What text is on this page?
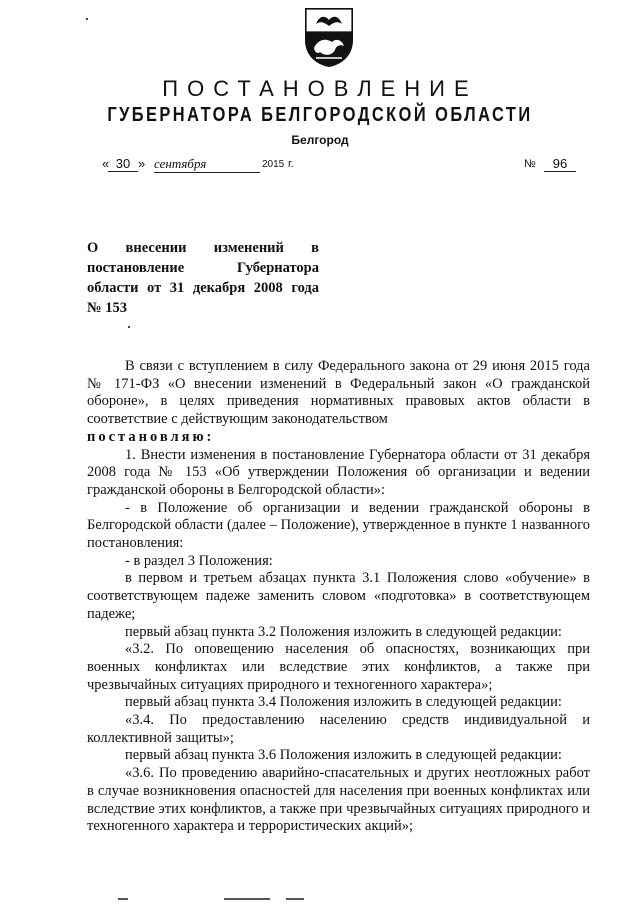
ПОСТАНОВЛЕНИЕ
ГУБЕРНАТОРА БЕЛГОРОДСКОЙ ОБЛАСТИ
Белгород
« 30 » сентября	2015 г.	№	96
О внесении изменений в
постановление Губернатора
области от 31 декабря 2008 года
№ 153

В связи с вступлением в силу Федерального закона от 29 июня 2015 года № 171-ФЗ «О внесении изменений в Федеральный закон «О гражданской обороне», в целях приведения нормативных правовых актов области в соответствие с действующим законодательством

постановляю:

1. Внести изменения в постановление Губернатора области от 31 декабря 2008 года № 153 «Об утверждении Положения об организации и ведении гражданской обороны в Белгородской области»:

- в Положение об организации и ведении гражданской обороны в Белгородской области (далее – Положение), утвержденное в пункте 1 названного постановления:

- в раздел 3 Положения:

в первом и третьем абзацах пункта 3.1 Положения слово «обучение» в соответствующем падеже заменить словом «подготовка» в соответствующем падеже;

первый абзац пункта 3.2 Положения изложить в следующей редакции:

«3.2. По оповещению населения об опасностях, возникающих при военных конфликтах или вследствие этих конфликтов, а также при чрезвычайных ситуациях природного и техногенного характера»;

первый абзац пункта 3.4 Положения изложить в следующей редакции:

«3.4. По предоставлению населению средств индивидуальной и коллективной защиты»;

первый абзац пункта 3.6 Положения изложить в следующей редакции:

«3.6. По проведению аварийно-спасательных и других неотложных работ в случае возникновения опасностей для населения при военных конфликтах или вследствие этих конфликтов, а также при чрезвычайных ситуациях природного и техногенного характера и террористических акций»;
